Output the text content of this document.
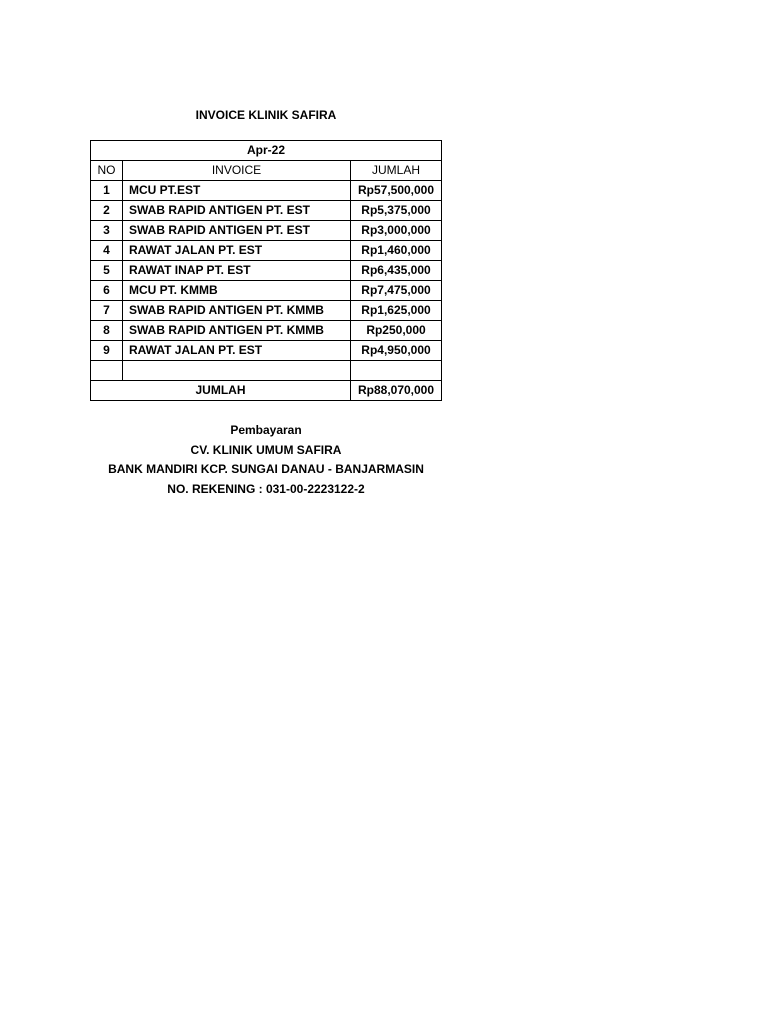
INVOICE KLINIK SAFIRA
Apr-22		
NO	INVOICE	JUMLAH
1	MCU PT.EST	Rp57,500,000
2	SWAB RAPID ANTIGEN PT. EST	Rp5,375,000
3	SWAB RAPID ANTIGEN PT. EST	Rp3,000,000
4	RAWAT JALAN PT. EST	Rp1,460,000
5	RAWAT INAP PT. EST	Rp6,435,000
6	MCU PT. KMMB	Rp7,475,000
7	SWAB RAPID ANTIGEN PT. KMMB	Rp1,625,000
8	SWAB RAPID ANTIGEN PT. KMMB	Rp250,000
9	RAWAT JALAN PT. EST	Rp4,950,000

JUMLAH		Rp88,070,000
Pembayaran
CV. KLINIK UMUM SAFIRA
BANK MANDIRI KCP. SUNGAI DANAU - BANJARMASIN
NO. REKENING : 031-00-2223122-2
